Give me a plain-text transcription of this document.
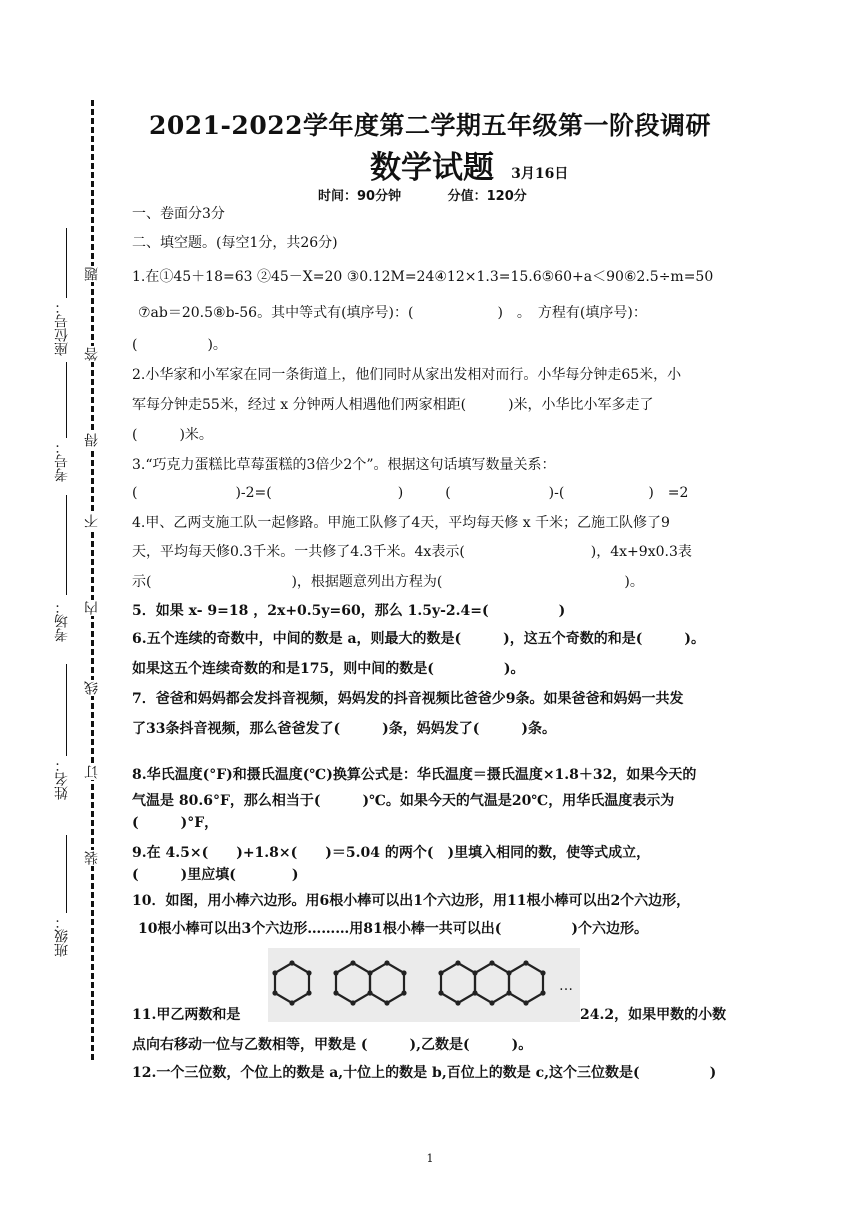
2021-2022学年度第二学期五年级第一阶段调研
数学试题 3月16日
时间：90分钟	分值：120分
座位号：
考号：
考场：
姓名：
班级：
题
答
得
不
内
线
订
装
一、卷面分3分
二、填空题。(每空1分，共26分)
1.在①45＋18=63 ②45－X=20 ③0.12M=24④12×1.3=15.6⑤60+a＜90⑥2.5÷m=50
⑦ab＝20.5⑧b-56。其中等式有(填序号)：(　　　　　　)　。　方程有(填序号)：
(　　　　　)。
2.小华家和小军家在同一条街道上，他们同时从家出发相对而行。小华每分钟走65米，小
军每分钟走55米，经过 x 分钟两人相遇他们两家相距(　　　)米，小华比小军多走了
(　　　)米。
3.“巧克力蛋糕比草莓蛋糕的3倍少2个”。根据这句话填写数量关系：
(　　　　　　　)-2=(　　　　　　　　　)　　　(　　　　　　　)-(　　　　　　)　=2
4.甲、乙两支施工队一起修路。甲施工队修了4天，平均每天修 x 千米；乙施工队修了9
天，平均每天修0.3千米。一共修了4.3千米。4x表示(　　　　　　　　　)，4x+9x0.3表
示(　　　　　　　　　　)，根据题意列出方程为(　　　　　　　　　　　　　)。
5．如果 x- 9=18 ，2x+0.5y=60，那么 1.5y-2.4=(　　　　　)
6.五个连续的奇数中，中间的数是 a，则最大的数是(　　　)，这五个奇数的和是(　　　)。
如果这五个连续奇数的和是175，则中间的数是(　　　　　)。
7．爸爸和妈妈都会发抖音视频，妈妈发的抖音视频比爸爸少9条。如果爸爸和妈妈一共发
了33条抖音视频，那么爸爸发了(　　　)条，妈妈发了(　　　)条。
8.华氏温度(°F)和摄氏温度(℃)换算公式是：华氏温度＝摄氏温度×1.8＋32，如果今天的
气温是 80.6°F，那么相当于(　　　)℃。如果今天的气温是20℃，用华氏温度表示为
(　　　)°F，
9.在 4.5×(　　)+1.8×(　　)＝5.04 的两个(　)里填入相同的数，使等式成立，
(　　　)里应填(　　　　)
10．如图，用小棒六边形。用6根小棒可以出1个六边形，用11根小棒可以出2个六边形，
10根小棒可以出3个六边形………用81根小棒一共可以出(　　　　　)个六边形。
…
11.甲乙两数和是	24.2，如果甲数的小数
点向右移动一位与乙数相等，甲数是 (　　　),乙数是(　　　)。
12.一个三位数，个位上的数是 a,十位上的数是 b,百位上的数是 c,这个三位数是(　　　　　)
1
